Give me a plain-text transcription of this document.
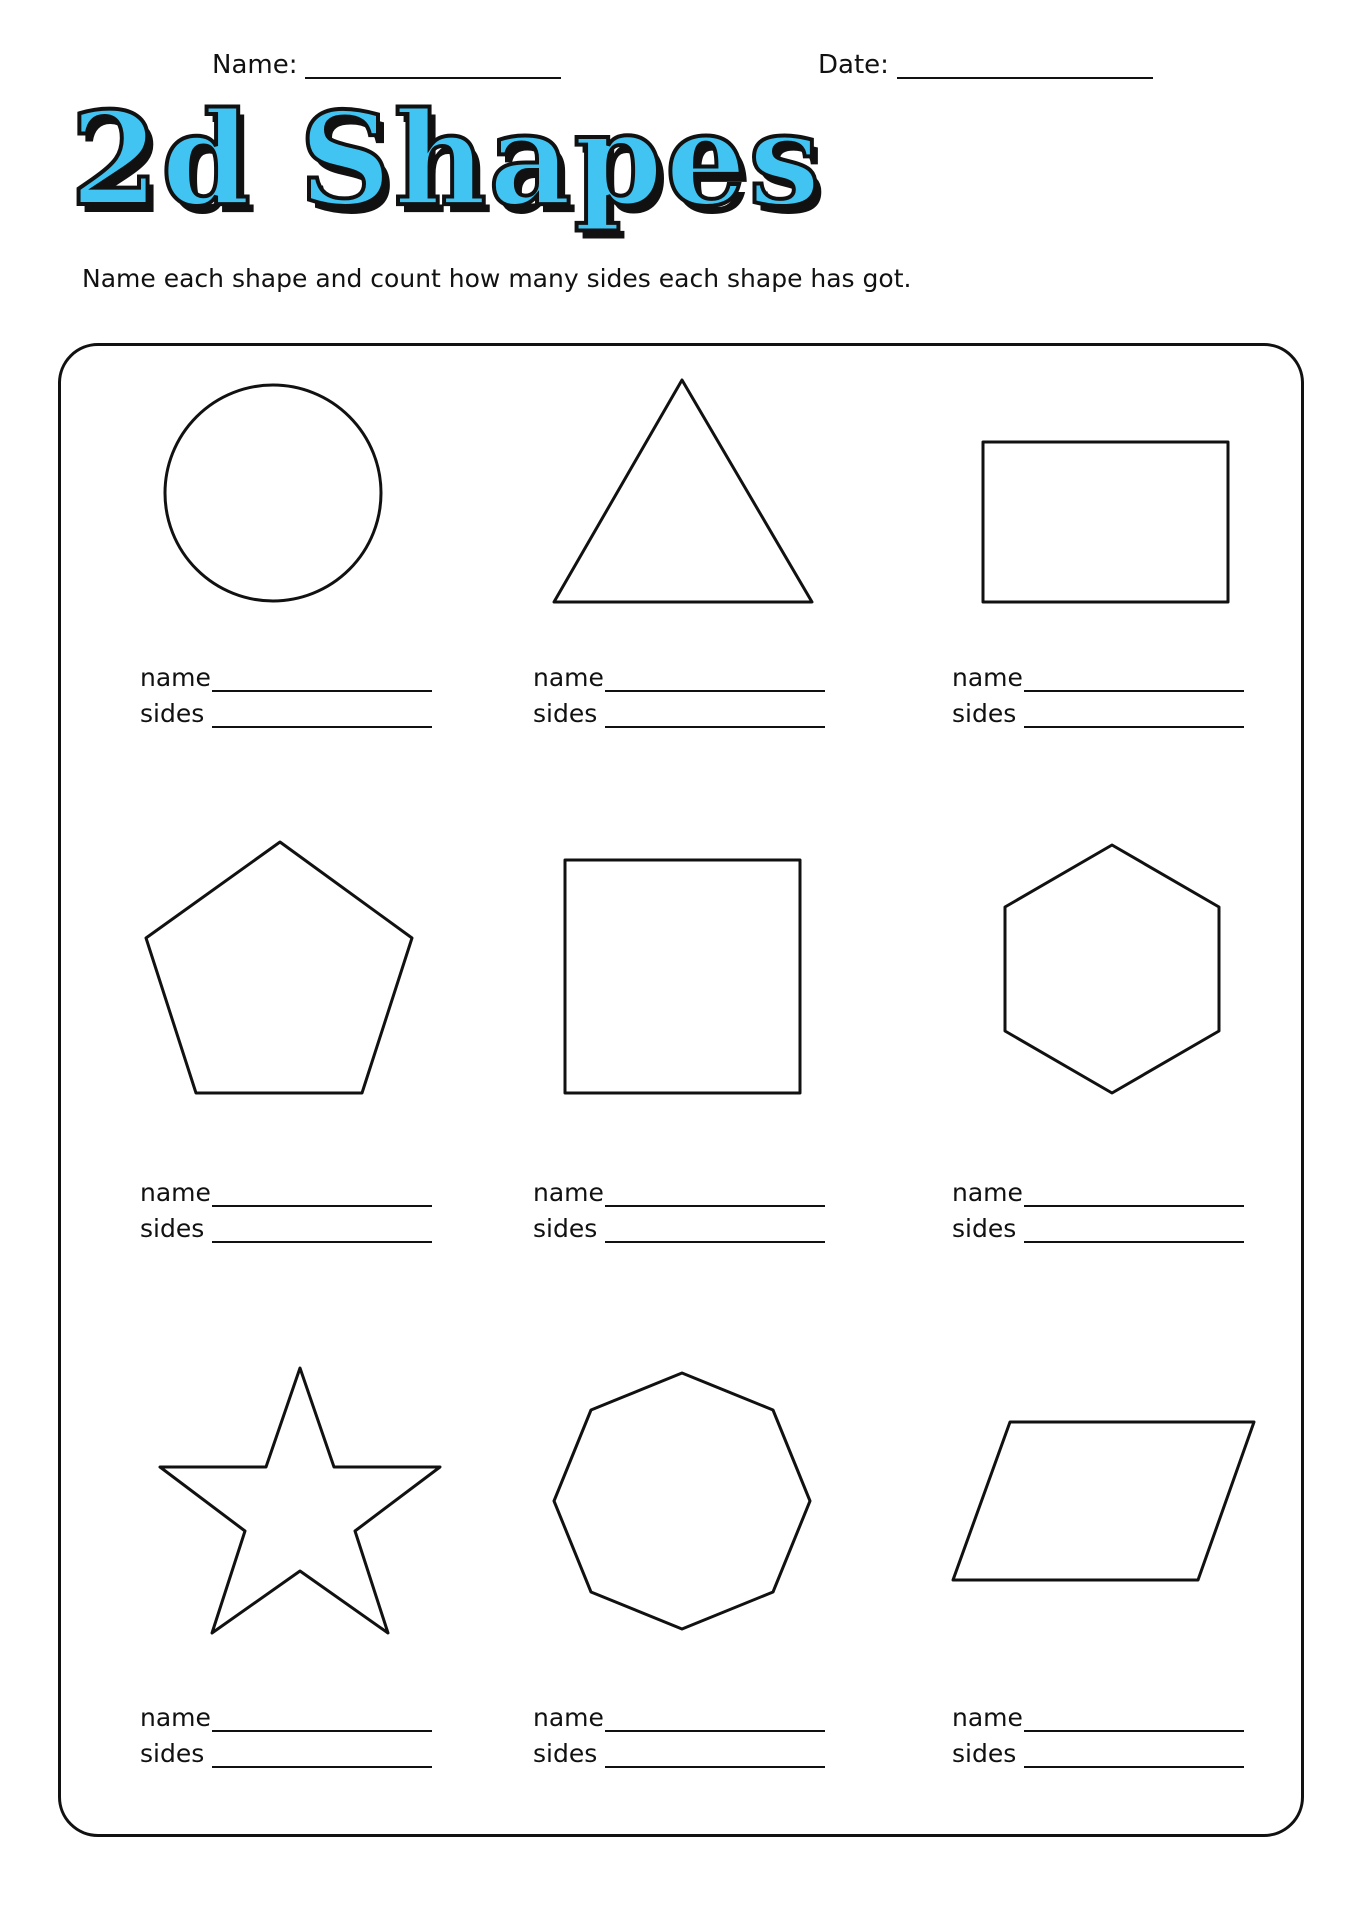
Name:	Date:
2d Shapes
Name each shape and count how many sides each shape has got.
name
sides
name
sides
name
sides
name
sides
name
sides
name
sides
name
sides
name
sides
name
sides
